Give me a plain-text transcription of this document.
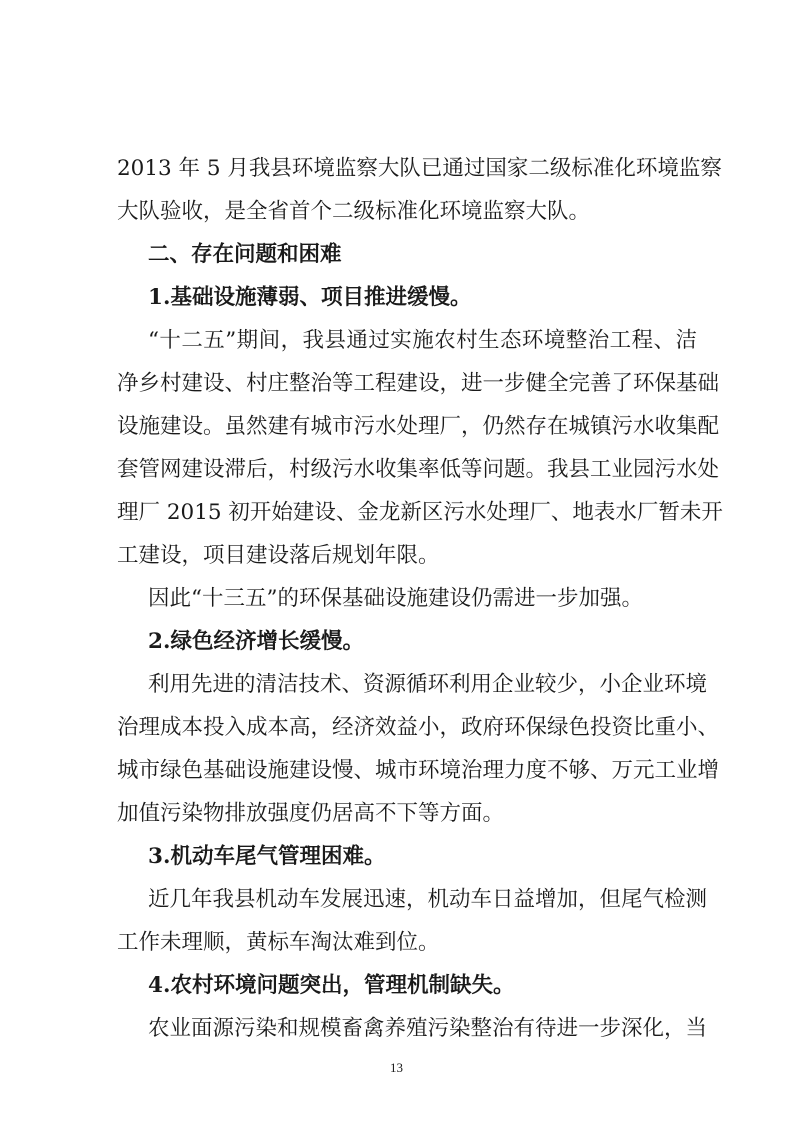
2013 年 5 月我县环境监察大队已通过国家二级标准化环境监察
大队验收，是全省首个二级标准化环境监察大队。
二、存在问题和困难
1.基础设施薄弱、项目推进缓慢。
“十二五”期间，我县通过实施农村生态环境整治工程、洁
净乡村建设、村庄整治等工程建设，进一步健全完善了环保基础
设施建设。虽然建有城市污水处理厂，仍然存在城镇污水收集配
套管网建设滞后，村级污水收集率低等问题。我县工业园污水处
理厂 2015 初开始建设、金龙新区污水处理厂、地表水厂暂未开
工建设，项目建设落后规划年限。
因此“十三五”的环保基础设施建设仍需进一步加强。
2.绿色经济增长缓慢。
利用先进的清洁技术、资源循环利用企业较少，小企业环境
治理成本投入成本高，经济效益小，政府环保绿色投资比重小、
城市绿色基础设施建设慢、城市环境治理力度不够、万元工业增
加值污染物排放强度仍居高不下等方面。
3.机动车尾气管理困难。
近几年我县机动车发展迅速，机动车日益增加，但尾气检测
工作未理顺，黄标车淘汰难到位。
4.农村环境问题突出，管理机制缺失。
农业面源污染和规模畜禽养殖污染整治有待进一步深化，当
13
